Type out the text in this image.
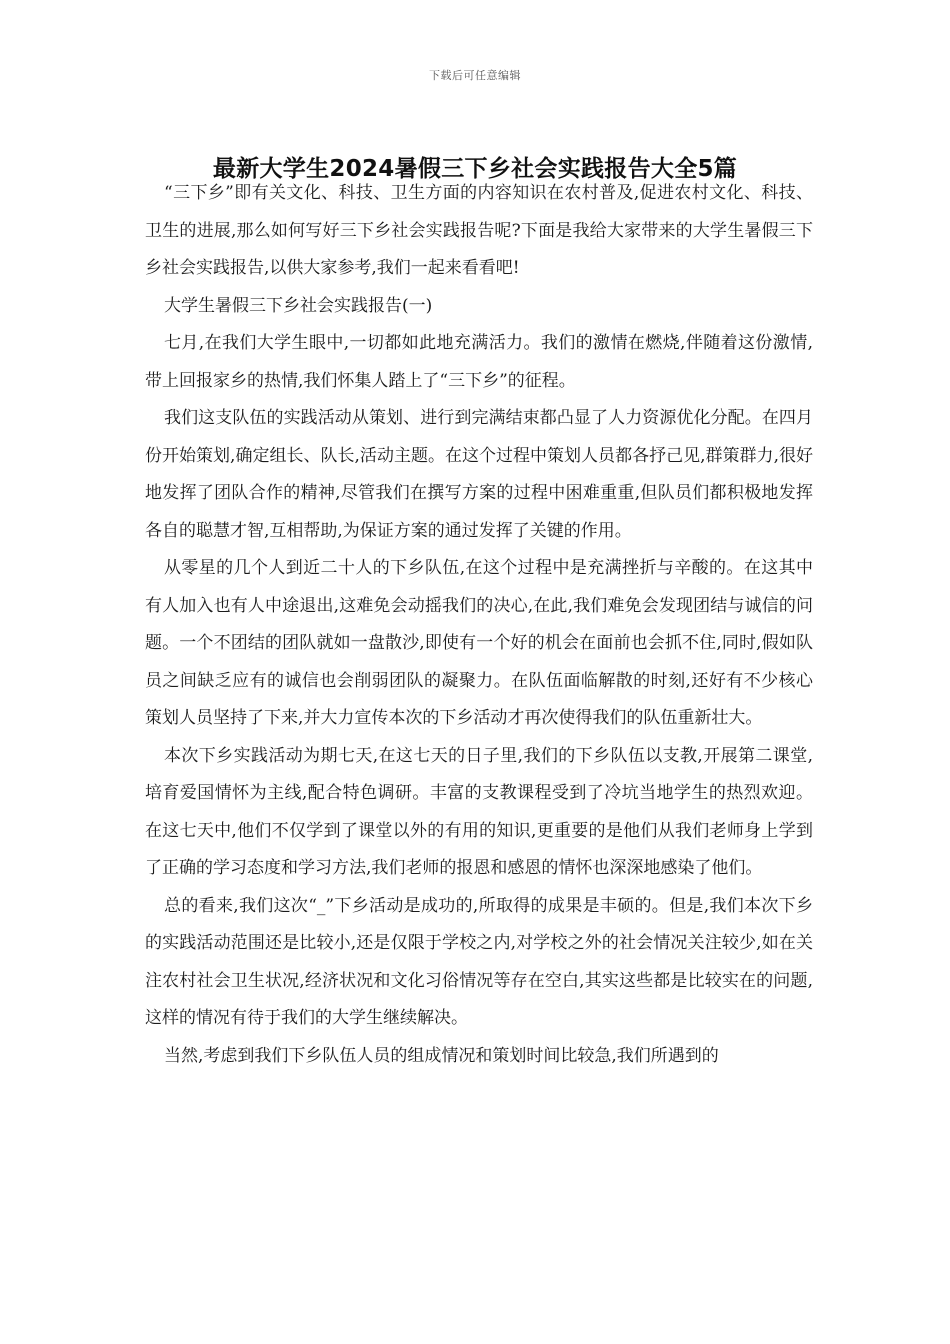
下载后可任意编辑
最新大学生2024暑假三下乡社会实践报告大全5篇

“三下乡”即有关文化、科技、卫生方面的内容知识在农村普及,促进农村文化、科技、卫生的进展,那么如何写好三下乡社会实践报告呢?下面是我给大家带来的大学生暑假三下乡社会实践报告,以供大家参考,我们一起来看看吧!

大学生暑假三下乡社会实践报告(一)

七月,在我们大学生眼中,一切都如此地充满活力。我们的激情在燃烧,伴随着这份激情,带上回报家乡的热情,我们怀集人踏上了“三下乡”的征程。

我们这支队伍的实践活动从策划、进行到完满结束都凸显了人力资源优化分配。在四月份开始策划,确定组长、队长,活动主题。在这个过程中策划人员都各抒己见,群策群力,很好地发挥了团队合作的精神,尽管我们在撰写方案的过程中困难重重,但队员们都积极地发挥各自的聪慧才智,互相帮助,为保证方案的通过发挥了关键的作用。

从零星的几个人到近二十人的下乡队伍,在这个过程中是充满挫折与辛酸的。在这其中有人加入也有人中途退出,这难免会动摇我们的决心,在此,我们难免会发现团结与诚信的问题。一个不团结的团队就如一盘散沙,即使有一个好的机会在面前也会抓不住,同时,假如队员之间缺乏应有的诚信也会削弱团队的凝聚力。在队伍面临解散的时刻,还好有不少核心策划人员坚持了下来,并大力宣传本次的下乡活动才再次使得我们的队伍重新壮大。

本次下乡实践活动为期七天,在这七天的日子里,我们的下乡队伍以支教,开展第二课堂,培育爱国情怀为主线,配合特色调研。丰富的支教课程受到了冷坑当地学生的热烈欢迎。在这七天中,他们不仅学到了课堂以外的有用的知识,更重要的是他们从我们老师身上学到了正确的学习态度和学习方法,我们老师的报恩和感恩的情怀也深深地感染了他们。

总的看来,我们这次“_”下乡活动是成功的,所取得的成果是丰硕的。但是,我们本次下乡的实践活动范围还是比较小,还是仅限于学校之内,对学校之外的社会情况关注较少,如在关注农村社会卫生状况,经济状况和文化习俗情况等存在空白,其实这些都是比较实在的问题,这样的情况有待于我们的大学生继续解决。

当然,考虑到我们下乡队伍人员的组成情况和策划时间比较急,我们所遇到的
